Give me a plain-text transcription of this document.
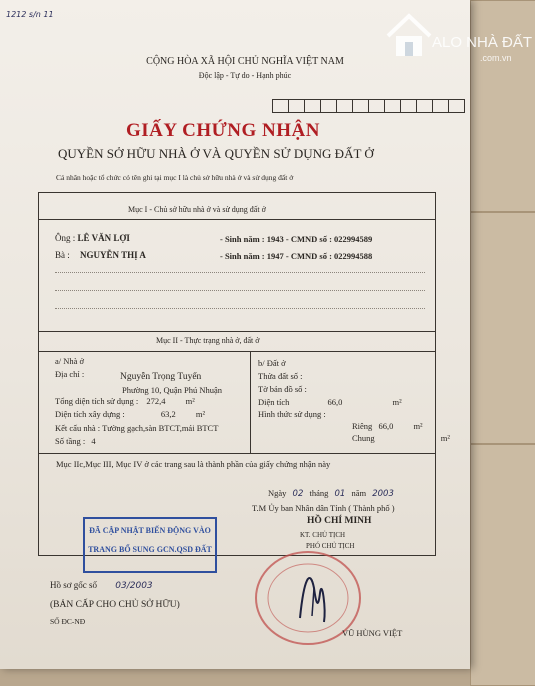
1212 s/n 11
CỘNG HÒA XÃ HỘI CHỦ NGHĨA VIỆT NAM
Độc lập - Tự do - Hạnh phúc
GIẤY CHỨNG NHẬN
QUYỀN SỞ HỮU NHÀ Ở VÀ QUYỀN SỬ DỤNG ĐẤT Ở
Cá nhân hoặc tổ chức có tên ghi tại mục I là chủ sở hữu nhà ở và sử dụng đất ở
Mục I - Chủ sở hữu nhà ở và sử dụng đất ở
Ông : LÊ VĂN LỢI	- Sinh năm : 1943 - CMND số : 022994589
Bà : NGUYỄN THỊ A	- Sinh năm : 1947 - CMND số : 022994588
Mục II - Thực trạng nhà ở, đất ở
a/ Nhà ở
Địa chỉ :	Nguyễn Trọng Tuyển
Phường 10, Quận Phú Nhuận
Tổng diện tích sử dụng : 272,4 m²
Diện tích xây dựng :	63,2 m²
Kết cấu nhà : Tường gạch,sàn BTCT,mái BTCT
Số tầng : 4
b/ Đất ở
Thửa đất số :
Tờ bản đồ số :
Diện tích	66,0	m²
Hình thức sử dụng :
Riêng 66,0 m²
Chung	m²
Mục IIc,Mục III, Mục IV ở các trang sau là thành phần của giấy chứng nhận này
Ngày 02 tháng 01 năm 2003
T.M Ủy ban Nhân dân Tỉnh ( Thành phố )
HỒ CHÍ MINH
KT. CHỦ TỊCH
PHÓ CHỦ TỊCH
VŨ HÙNG VIỆT
ĐÃ CẬP NHẬT BIẾN ĐỘNG VÀO
TRANG BỔ SUNG GCN.QSD ĐẤT
Hồ sơ gốc số 03/2003
(BẢN CẤP CHO CHỦ SỞ HỮU)
SỐ ĐC-NĐ
ALO NHÀ ĐẤT
.com.vn
